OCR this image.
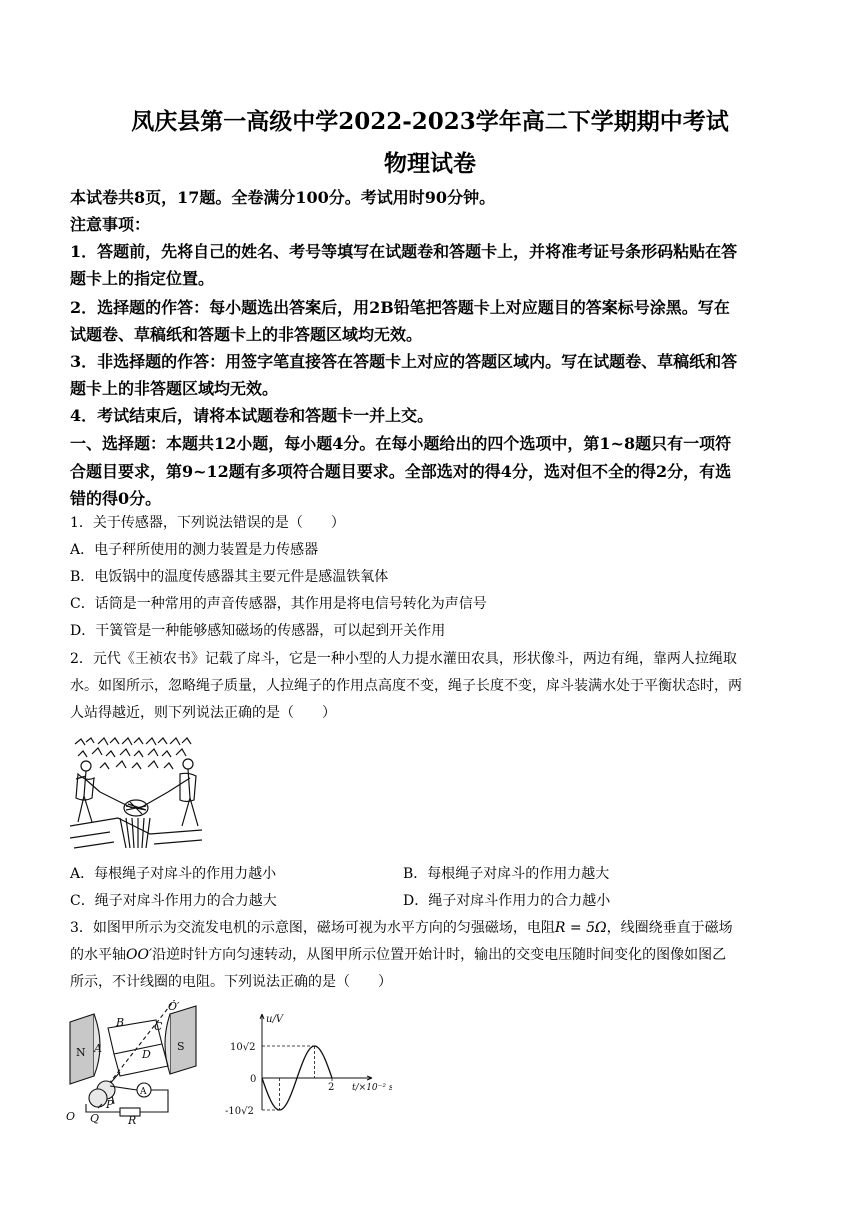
凤庆县第一高级中学2022-2023学年高二下学期期中考试
物理试卷
本试卷共8页，17题。全卷满分100分。考试用时90分钟。
注意事项：
1．答题前，先将自己的姓名、考号等填写在试题卷和答题卡上，并将准考证号条形码粘贴在答
题卡上的指定位置。
2．选择题的作答：每小题选出答案后，用2B铅笔把答题卡上对应题目的答案标号涂黑。写在
试题卷、草稿纸和答题卡上的非答题区域均无效。
3．非选择题的作答：用签字笔直接答在答题卡上对应的答题区域内。写在试题卷、草稿纸和答
题卡上的非答题区域均无效。
4．考试结束后，请将本试题卷和答题卡一并上交。
一、选择题：本题共12小题，每小题4分。在每小题给出的四个选项中，第1~8题只有一项符
合题目要求，第9~12题有多项符合题目要求。全部选对的得4分，选对但不全的得2分，有选
错的得0分。
1．关于传感器，下列说法错误的是（　　）
A．电子秤所使用的测力装置是力传感器
B．电饭锅中的温度传感器其主要元件是感温铁氧体
C．话筒是一种常用的声音传感器，其作用是将电信号转化为声信号
D．干簧管是一种能够感知磁场的传感器，可以起到开关作用
2．元代《王祯农书》记载了戽斗，它是一种小型的人力提水灌田农具，形状像斗，两边有绳，靠两人拉绳取
水。如图所示，忽略绳子质量，人拉绳子的作用点高度不变，绳子长度不变，戽斗装满水处于平衡状态时，两
人站得越近，则下列说法正确的是（　　）
A．每根绳子对戽斗的作用力越小	B．每根绳子对戽斗的作用力越大
C．绳子对戽斗作用力的合力越大	D．绳子对戽斗作用力的合力越小
3．如图甲所示为交流发电机的示意图，磁场可视为水平方向的匀强磁场，电阻R = 5Ω，线圈绕垂直于磁场
的水平轴OO′沿逆时针方向匀速转动，从图甲所示位置开始计时，输出的交变电压随时间变化的图像如图乙
所示，不计线圈的电阻。下列说法正确的是（　　）
N	S
A
B	C
D
O′
O
P
Q	R
A
u/V
10√2
0
-10√2
2 t/×10⁻² s
